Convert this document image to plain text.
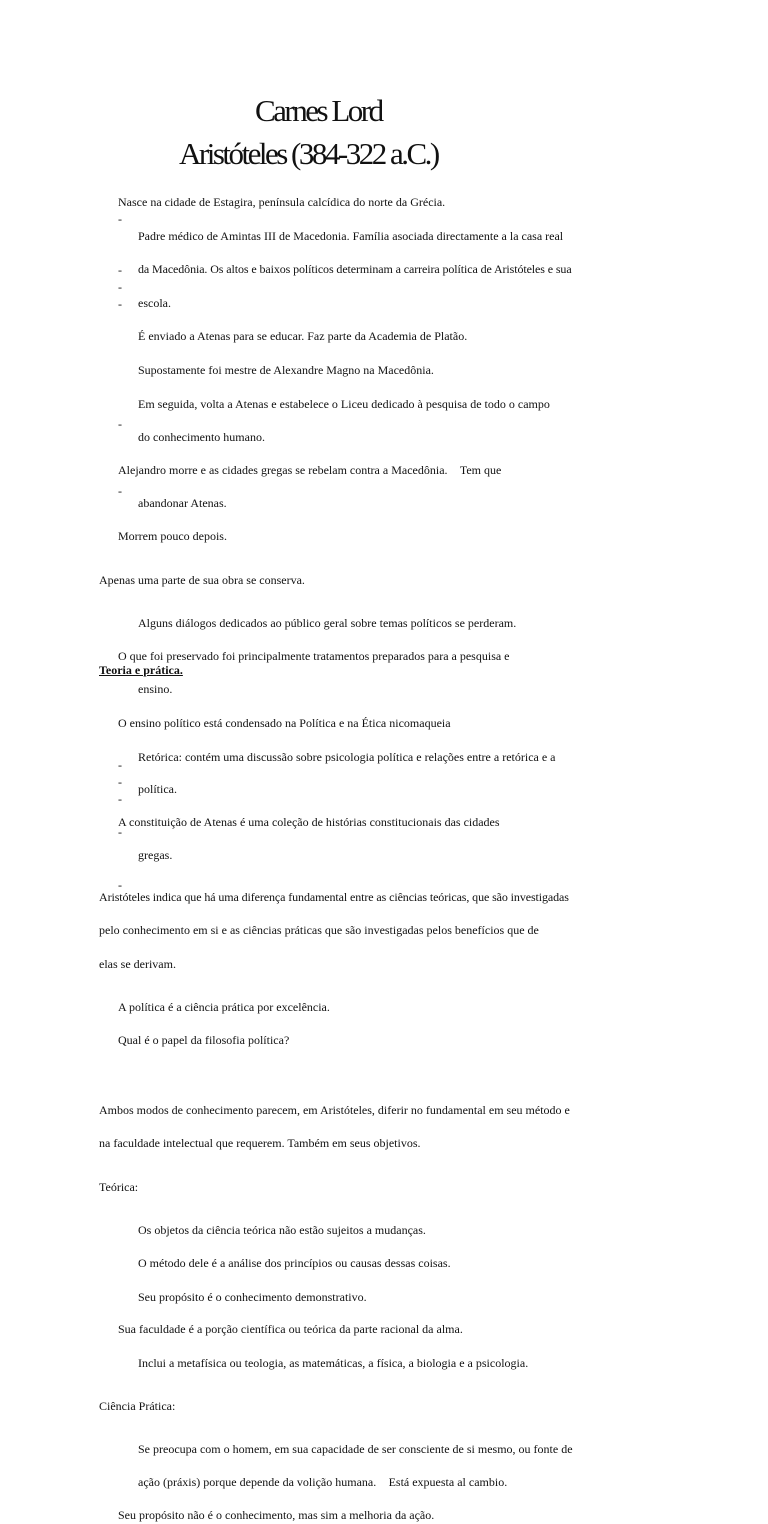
Carnes Lord
Aristóteles (384-322 a.C.)
Nasce na cidade de Estagira, península calcídica do norte da Grécia.
-
Padre médico de Amintas III de Macedonia. Família asociada directamente a la casa real
da Macedônia. Os altos e baixos políticos determinam a carreira política de Aristóteles e sua
escola.
-
É enviado a Atenas para se educar. Faz parte da Academia de Platão.
-
Supostamente foi mestre de Alexandre Magno na Macedônia.
-
Em seguida, volta a Atenas e estabelece o Liceu dedicado à pesquisa de todo o campo
do conhecimento humano.
Alejandro morre e as cidades gregas se rebelam contra a Macedônia. Tem que
abandonar Atenas.
Morrem pouco depois.
Apenas uma parte de sua obra se conserva.
-
Alguns diálogos dedicados ao público geral sobre temas políticos se perderam.
O que foi preservado foi principalmente tratamentos preparados para a pesquisa e
ensino.
O ensino político está condensado na Política e na Ética nicomaqueia
-
Retórica: contém uma discussão sobre psicologia política e relações entre a retórica e a
política.
A constituição de Atenas é uma coleção de histórias constitucionais das cidades
gregas.
Aristóteles indica que há uma diferença fundamental entre as ciências teóricas, que são investigadas
pelo conhecimento em si e as ciências práticas que são investigadas pelos benefícios que de
elas se derivam.
A política é a ciência prática por excelência.
Qual é o papel da filosofia política?
Teoria e prática.
Ambos modos de conhecimento parecem, em Aristóteles, diferir no fundamental em seu método e
na faculdade intelectual que requerem. Também em seus objetivos.
Teórica:
-
Os objetos da ciência teórica não estão sujeitos a mudanças.
-
O método dele é a análise dos princípios ou causas dessas coisas.
-
Seu propósito é o conhecimento demonstrativo.
Sua faculdade é a porção científica ou teórica da parte racional da alma.
-
Inclui a metafísica ou teologia, as matemáticas, a física, a biologia e a psicologia.
Ciência Prática:
-
Se preocupa com o homem, em sua capacidade de ser consciente de si mesmo, ou fonte de
ação (práxis) porque depende da volição humana. Está expuesta al cambio.
Seu propósito não é o conhecimento, mas sim a melhoria da ação.
